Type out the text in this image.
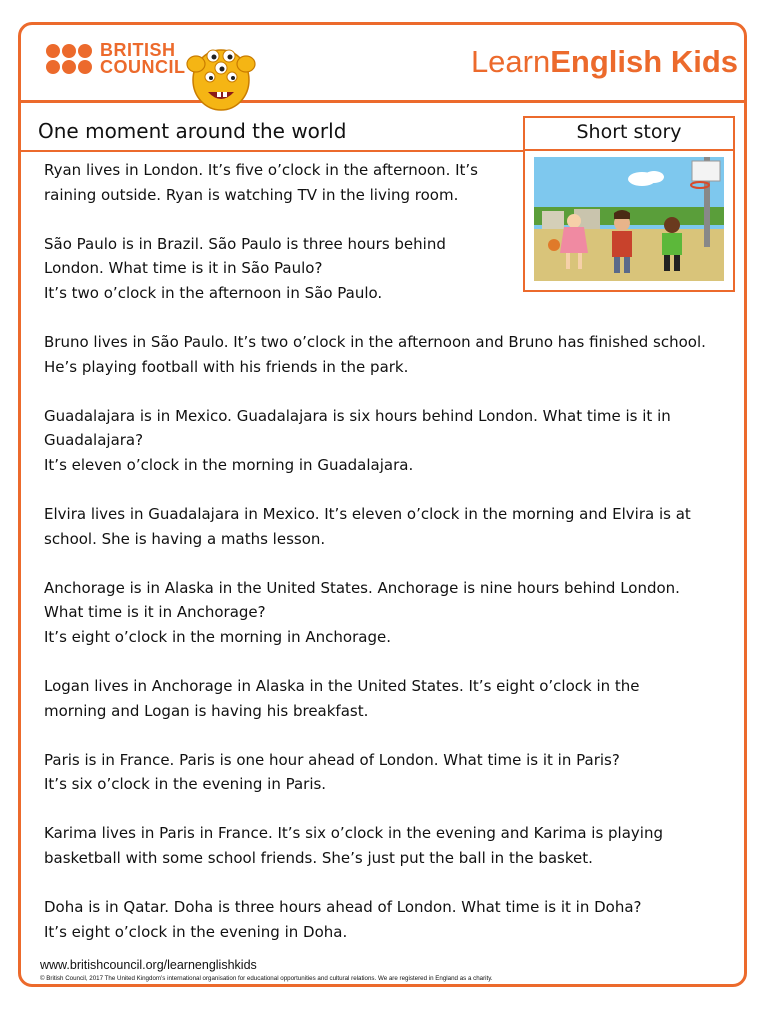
BRITISH
COUNCIL	LearnEnglish Kids
One moment around the world	Short story
Ryan lives in London. It’s five o’clock in the afternoon. It’s
raining outside. Ryan is watching TV in the living room.
São Paulo is in Brazil. São Paulo is three hours behind
London. What time is it in São Paulo?
It’s two o’clock in the afternoon in São Paulo.
Bruno lives in São Paulo. It’s two o’clock in the afternoon and Bruno has finished school.
He’s playing football with his friends in the park.
Guadalajara is in Mexico. Guadalajara is six hours behind London. What time is it in
Guadalajara?
It’s eleven o’clock in the morning in Guadalajara.
Elvira lives in Guadalajara in Mexico. It’s eleven o’clock in the morning and Elvira is at
school. She is having a maths lesson.
Anchorage is in Alaska in the United States. Anchorage is nine hours behind London.
What time is it in Anchorage?
It’s eight o’clock in the morning in Anchorage.
Logan lives in Anchorage in Alaska in the United States. It’s eight o’clock in the
morning and Logan is having his breakfast.
Paris is in France. Paris is one hour ahead of London. What time is it in Paris?
It’s six o’clock in the evening in Paris.
Karima lives in Paris in France. It’s six o’clock in the evening and Karima is playing
basketball with some school friends. She’s just put the ball in the basket.
Doha is in Qatar. Doha is three hours ahead of London. What time is it in Doha?
It’s eight o’clock in the evening in Doha.
www.britishcouncil.org/learnenglishkids
© British Council, 2017 The United Kingdom’s international organisation for educational opportunities and cultural relations. We are registered in England as a charity.
